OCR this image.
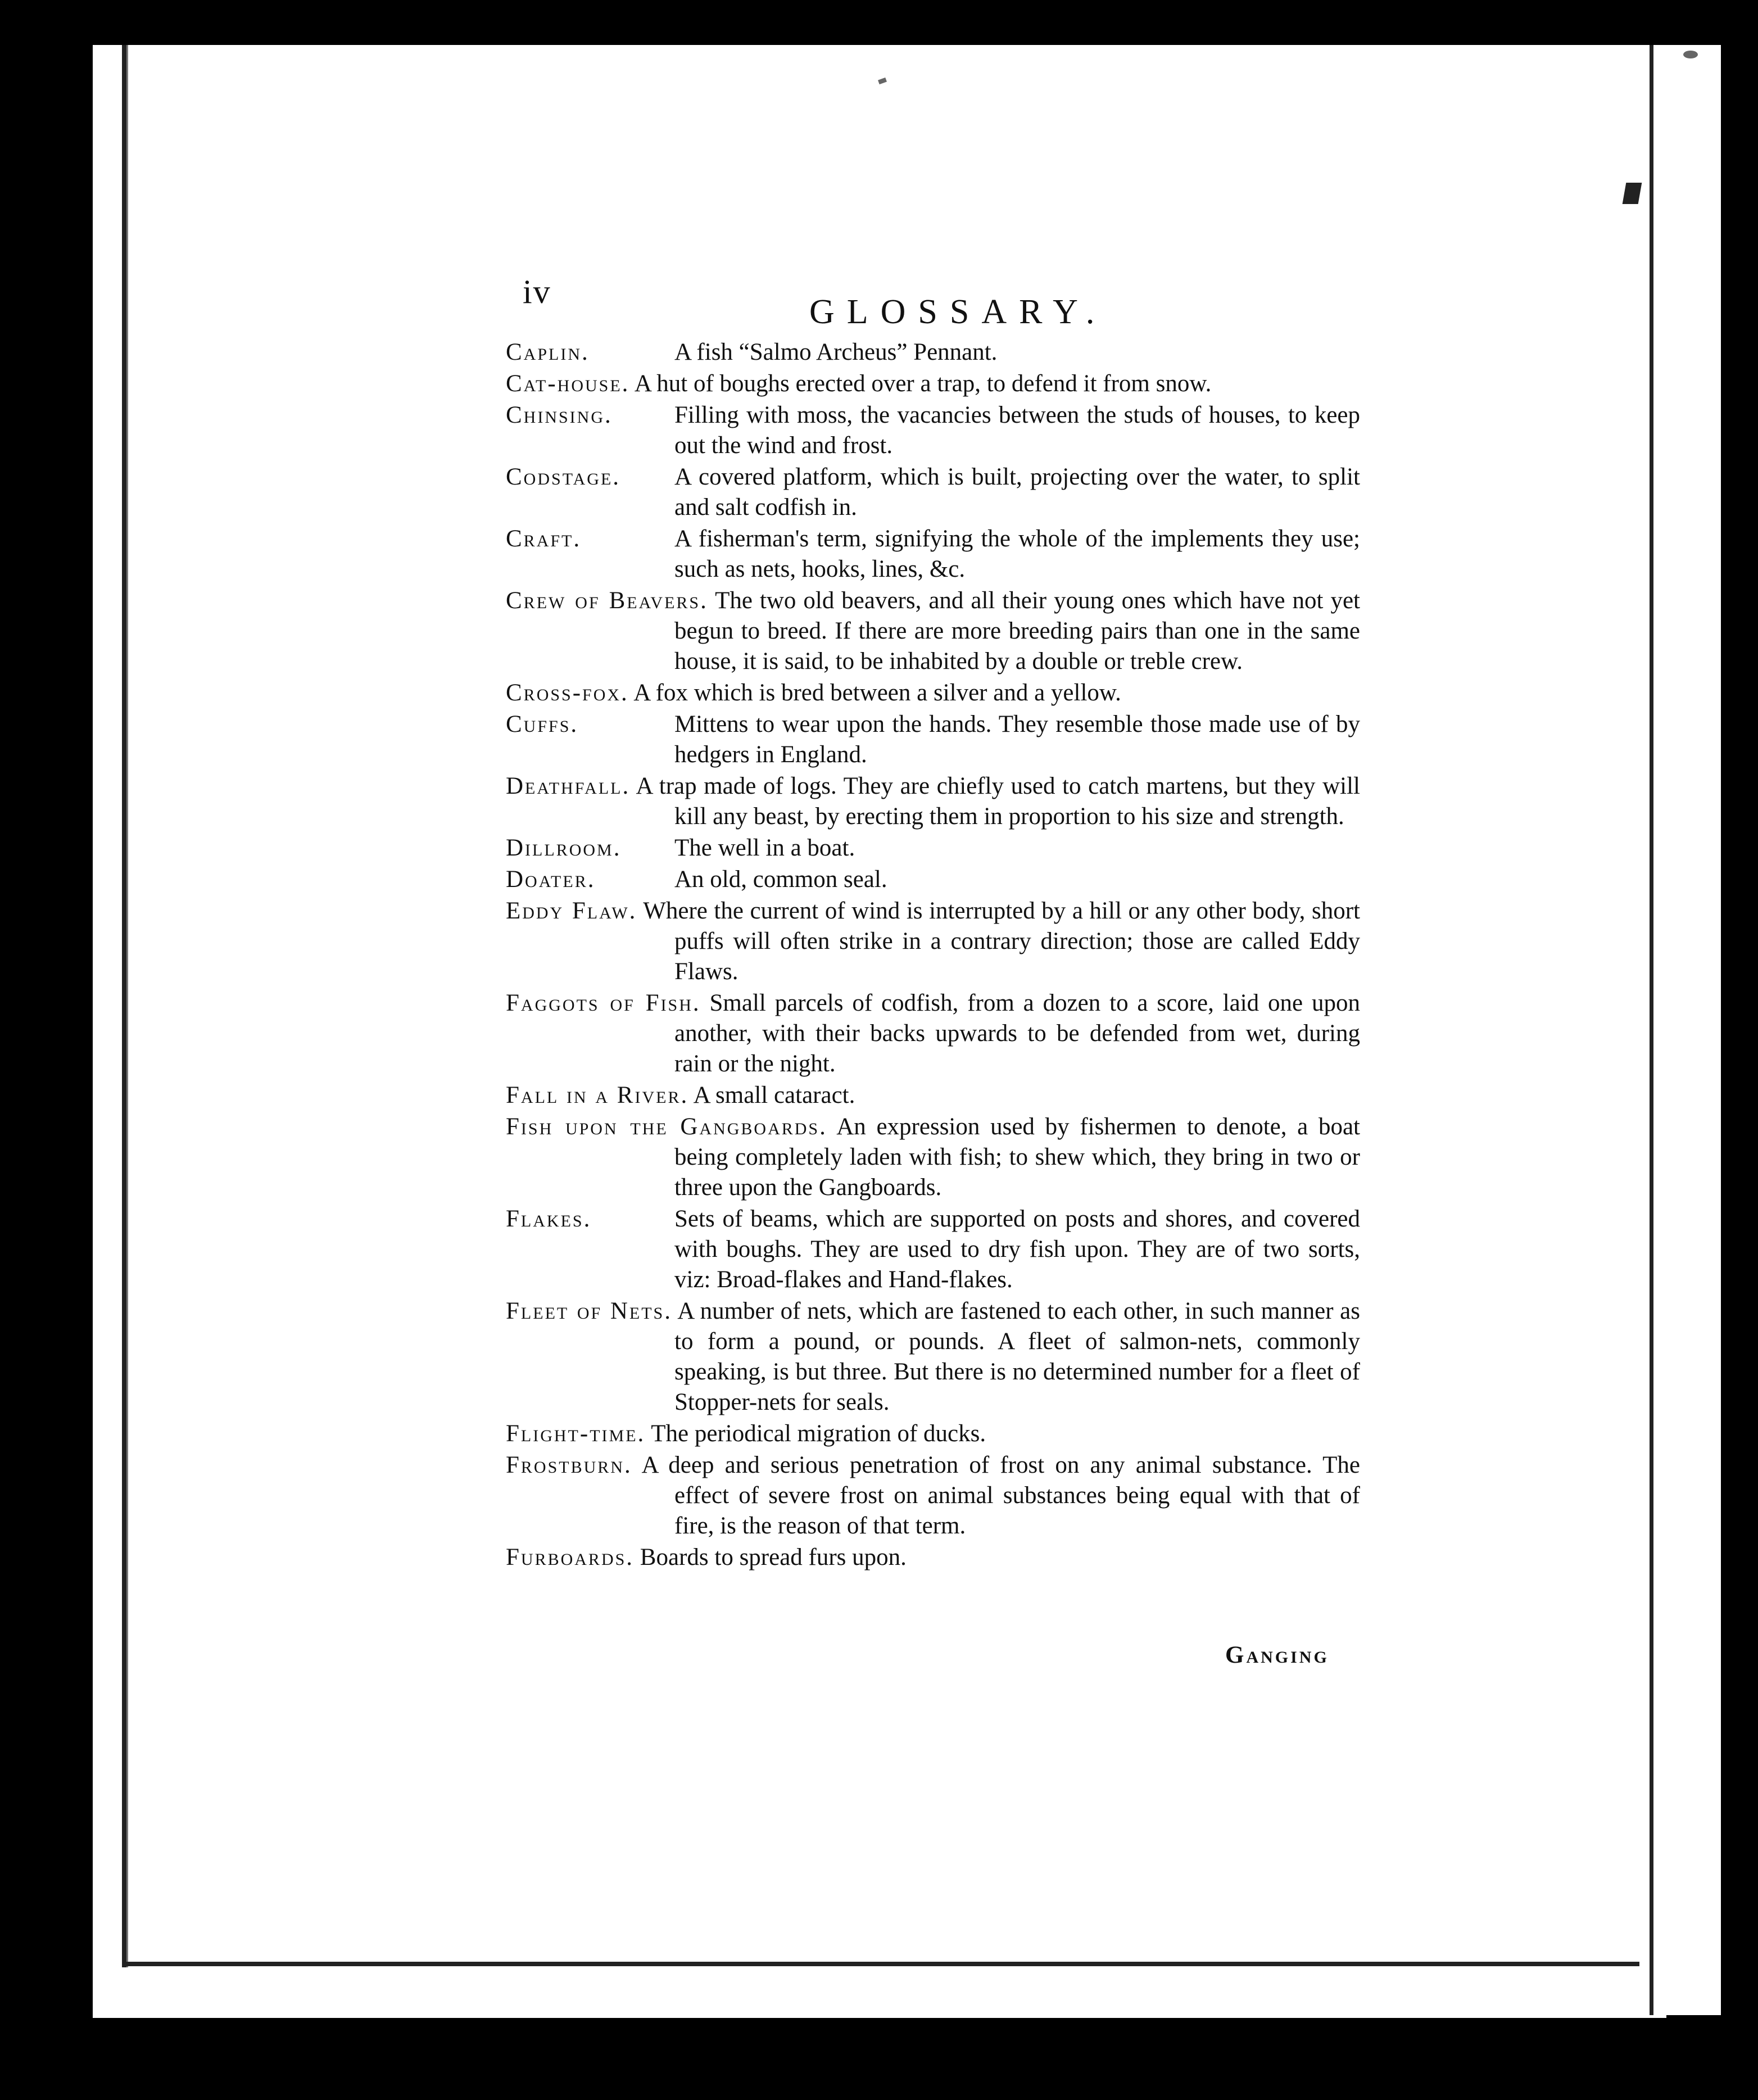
iv
GLOSSARY.
Caplin.	A fish “Salmo Archeus” Pennant.
Cat-house. A hut of boughs erected over a trap, to defend it from snow.
Chinsing.	Filling with moss, the vacancies between the studs of houses, to keep out the wind and frost.
Codstage.	A covered platform, which is built, projecting over the water, to split and salt codfish in.
Craft.	A fisherman's term, signifying the whole of the implements they use; such as nets, hooks, lines, &c.
Crew of Beavers. The two old beavers, and all their young ones which have not yet begun to breed. If there are more breeding pairs than one in the same house, it is said, to be inhabited by a double or treble crew.
Cross-fox. A fox which is bred between a silver and a yellow.
Cuffs.	Mittens to wear upon the hands. They resemble those made use of by hedgers in England.
Deathfall. A trap made of logs. They are chiefly used to catch martens, but they will kill any beast, by erecting them in proportion to his size and strength.
Dillroom.	The well in a boat.
Doater.	An old, common seal.
Eddy Flaw. Where the current of wind is interrupted by a hill or any other body, short puffs will often strike in a contrary direction; those are called Eddy Flaws.
Faggots of Fish. Small parcels of codfish, from a dozen to a score, laid one upon another, with their backs upwards to be defended from wet, during rain or the night.
Fall in a River. A small cataract.
Fish upon the Gangboards. An expression used by fishermen to denote, a boat being completely laden with fish; to shew which, they bring in two or three upon the Gangboards.
Flakes.	Sets of beams, which are supported on posts and shores, and covered with boughs. They are used to dry fish upon. They are of two sorts, viz: Broad-flakes and Hand-flakes.
Fleet of Nets. A number of nets, which are fastened to each other, in such manner as to form a pound, or pounds. A fleet of salmon-nets, commonly speaking, is but three. But there is no determined number for a fleet of Stopper-nets for seals.
Flight-time. The periodical migration of ducks.
Frostburn. A deep and serious penetration of frost on any animal substance. The effect of severe frost on animal substances being equal with that of fire, is the reason of that term.
Furboards. Boards to spread furs upon.
Ganging
